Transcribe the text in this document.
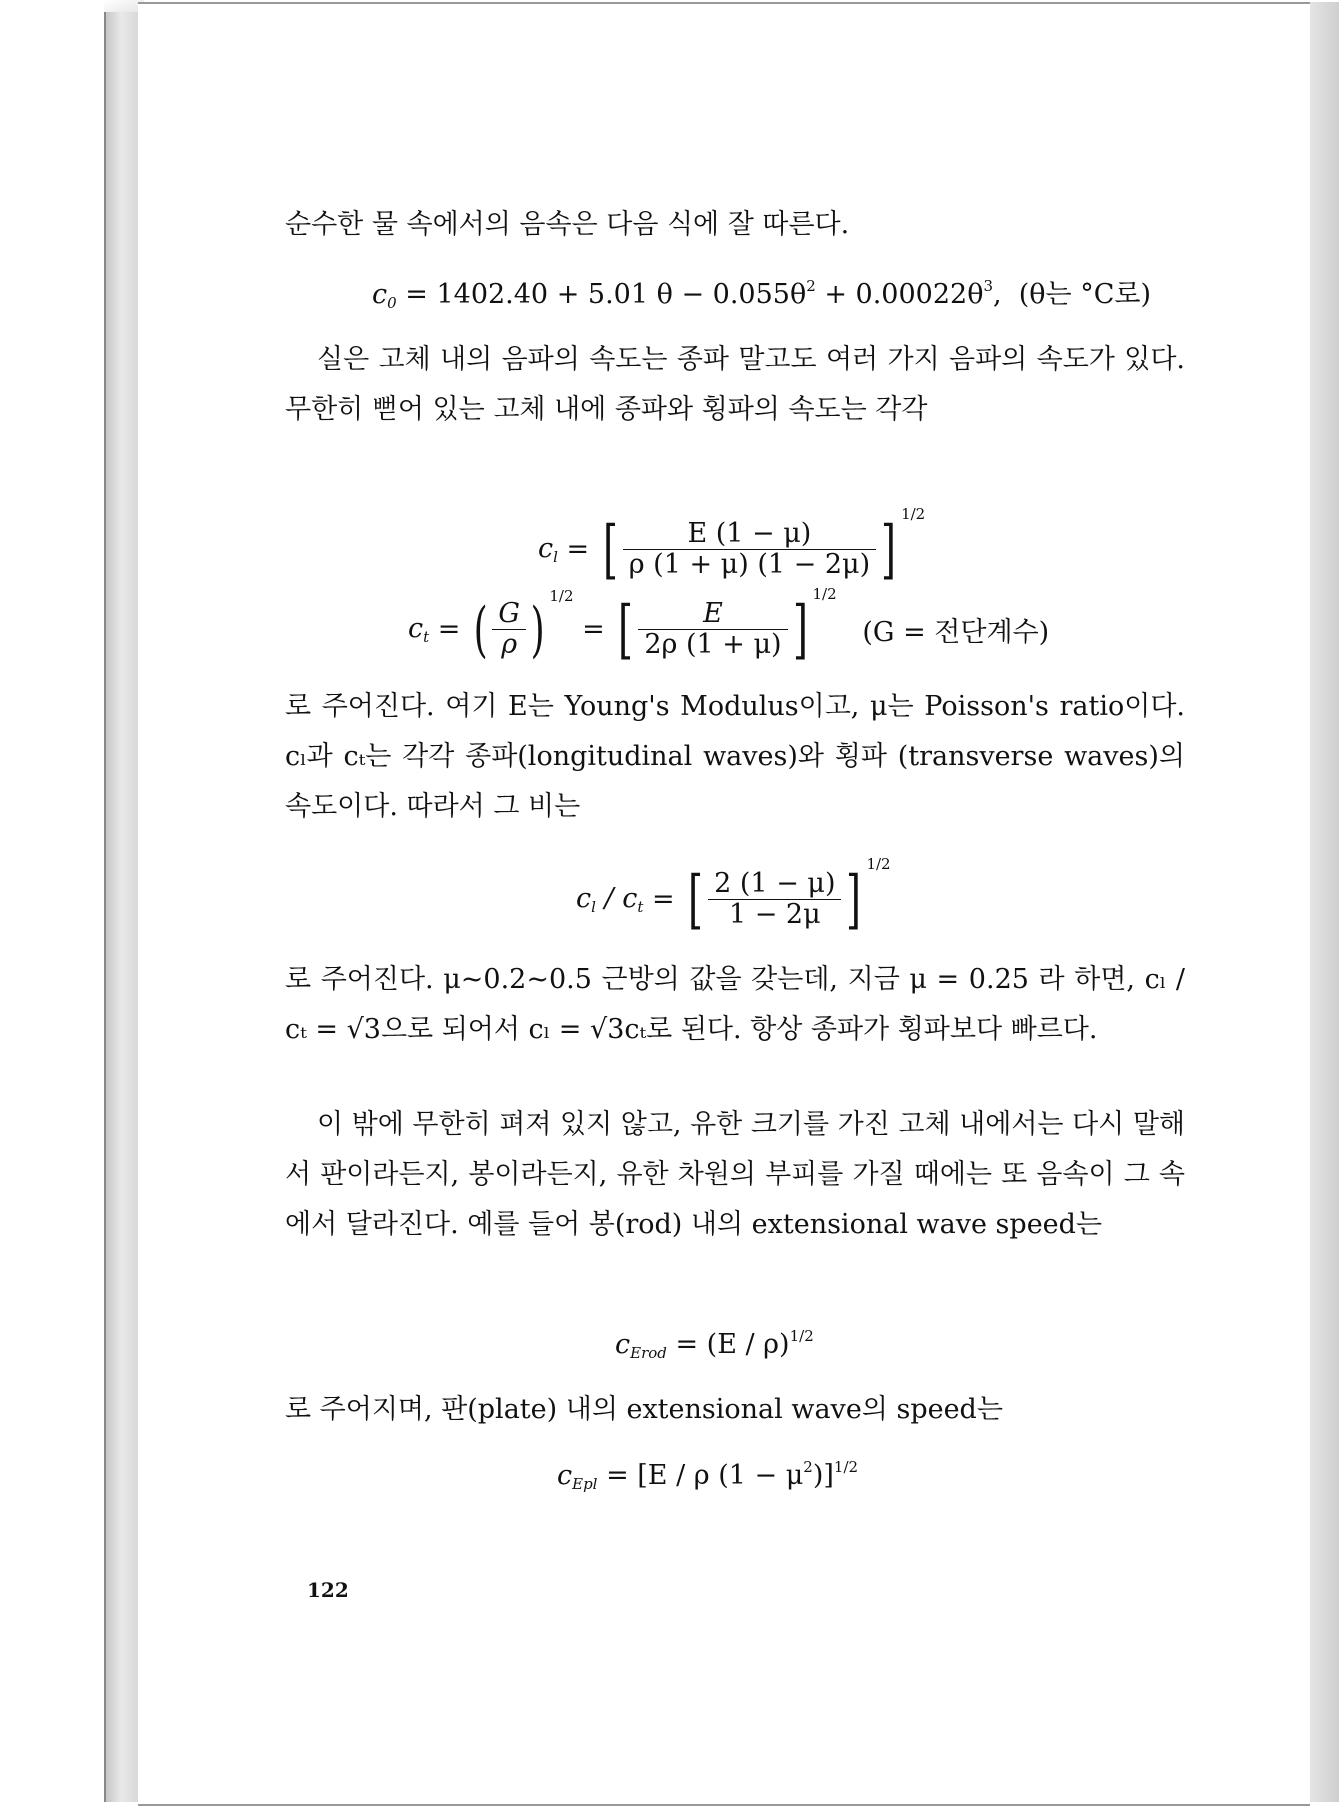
순수한 물 속에서의 음속은 다음 식에 잘 따른다.
$c_0 = 1402.40 + 5.01$ $\theta - 0.055\theta^2 + 0.00022\theta^3$,  (θ는 °C로)
실은 고체 내의 음파의 속도는 종파 말고도 여러 가지 음파의 속도가 있다. 무한히 뻗어 있는 고체 내에 종파와 횡파의 속도는 각각
$c_l$ = [ $\frac{E (1 - \mu)}{\rho (1 + \mu) (1 - 2\mu)}$ ] $^{1/2}$
$c_t$ = ( $\frac{G}{\rho}$ ) $^{1/2}$ = [ $\frac{E}{2\rho (1 + \mu)}$ ] $^{1/2}$   (G = 전단계수)
로 주어진다. 여기 E는 Young's Modulus이고, μ는 Poisson's ratio이다. cₗ과 cₜ는 각각 종파(longitudinal waves)와 횡파 (transverse waves)의 속도이다. 따라서 그 비는
$c_l / c_t$ = [ $\frac{2 (1 - \mu)}{1 - 2\mu}$ ] $^{1/2}$
로 주어진다. μ~0.2~0.5 근방의 값을 갖는데, 지금 μ = 0.25 라 하면, cₗ / cₜ = √3으로 되어서 cₗ = √3cₜ로 된다. 항상 종파가 횡파보다 빠르다.
이 밖에 무한히 펴져 있지 않고, 유한 크기를 가진 고체 내에서는 다시 말해서 판이라든지, 봉이라든지, 유한 차원의 부피를 가질 때에는 또 음속이 그 속에서 달라진다. 예를 들어 봉(rod) 내의 extensional wave speed는
$c_{Erod} = (E / \rho)^{1/2}$
로 주어지며, 판(plate) 내의 extensional wave의 speed는
$c_{Epl} = [E / \rho$ $(1 - \mu^2)]^{1/2}$
122
